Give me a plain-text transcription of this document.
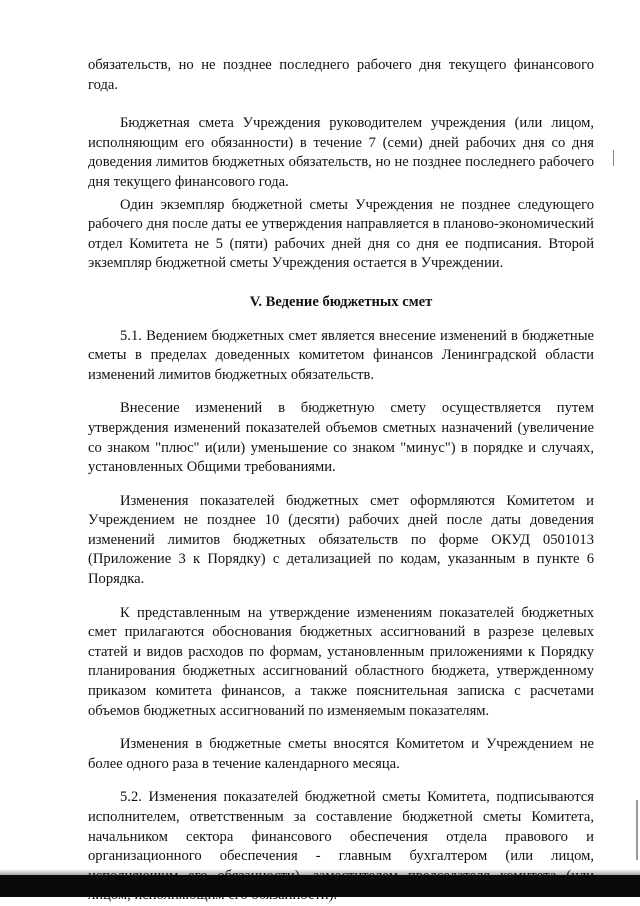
обязательств, но не позднее последнего рабочего дня текущего финансового года.

Бюджетная смета Учреждения руководителем учреждения (или лицом, исполняющим его обязанности) в течение 7 (семи) дней рабочих дня со дня доведения лимитов бюджетных обязательств, но не позднее последнего рабочего дня текущего финансового года.

Один экземпляр бюджетной сметы Учреждения не позднее следующего рабочего дня после даты ее утверждения направляется в планово-экономический отдел Комитета не 5 (пяти) рабочих дней дня со дня ее подписания. Второй экземпляр бюджетной сметы Учреждения остается в Учреждении.

V. Ведение бюджетных смет

5.1. Ведением бюджетных смет является внесение изменений в бюджетные сметы в пределах доведенных комитетом финансов Ленинградской области изменений лимитов бюджетных обязательств.

Внесение изменений в бюджетную смету осуществляется путем утверждения изменений показателей объемов сметных назначений (увеличение со знаком "плюс" и(или) уменьшение со знаком "минус") в порядке и случаях, установленных Общими требованиями.

Изменения показателей бюджетных смет оформляются Комитетом и Учреждением не позднее 10 (десяти) рабочих дней после даты доведения изменений лимитов бюджетных обязательств по форме ОКУД 0501013 (Приложение 3 к Порядку) с детализацией по кодам, указанным в пункте 6 Порядка.

К представленным на утверждение изменениям показателей бюджетных смет прилагаются обоснования бюджетных ассигнований в разрезе целевых статей и видов расходов по формам, установленным приложениями к Порядку планирования бюджетных ассигнований областного бюджета, утвержденному приказом комитета финансов, а также пояснительная записка с расчетами объемов бюджетных ассигнований по изменяемым показателям.

Изменения в бюджетные сметы вносятся Комитетом и Учреждением не более одного раза в течение календарного месяца.

5.2. Изменения показателей бюджетной сметы Комитета, подписываются исполнителем, ответственным за составление бюджетной сметы Комитета, начальником сектора финансового обеспечения отдела правового и организационного обеспечения - главным бухгалтером (или лицом,
